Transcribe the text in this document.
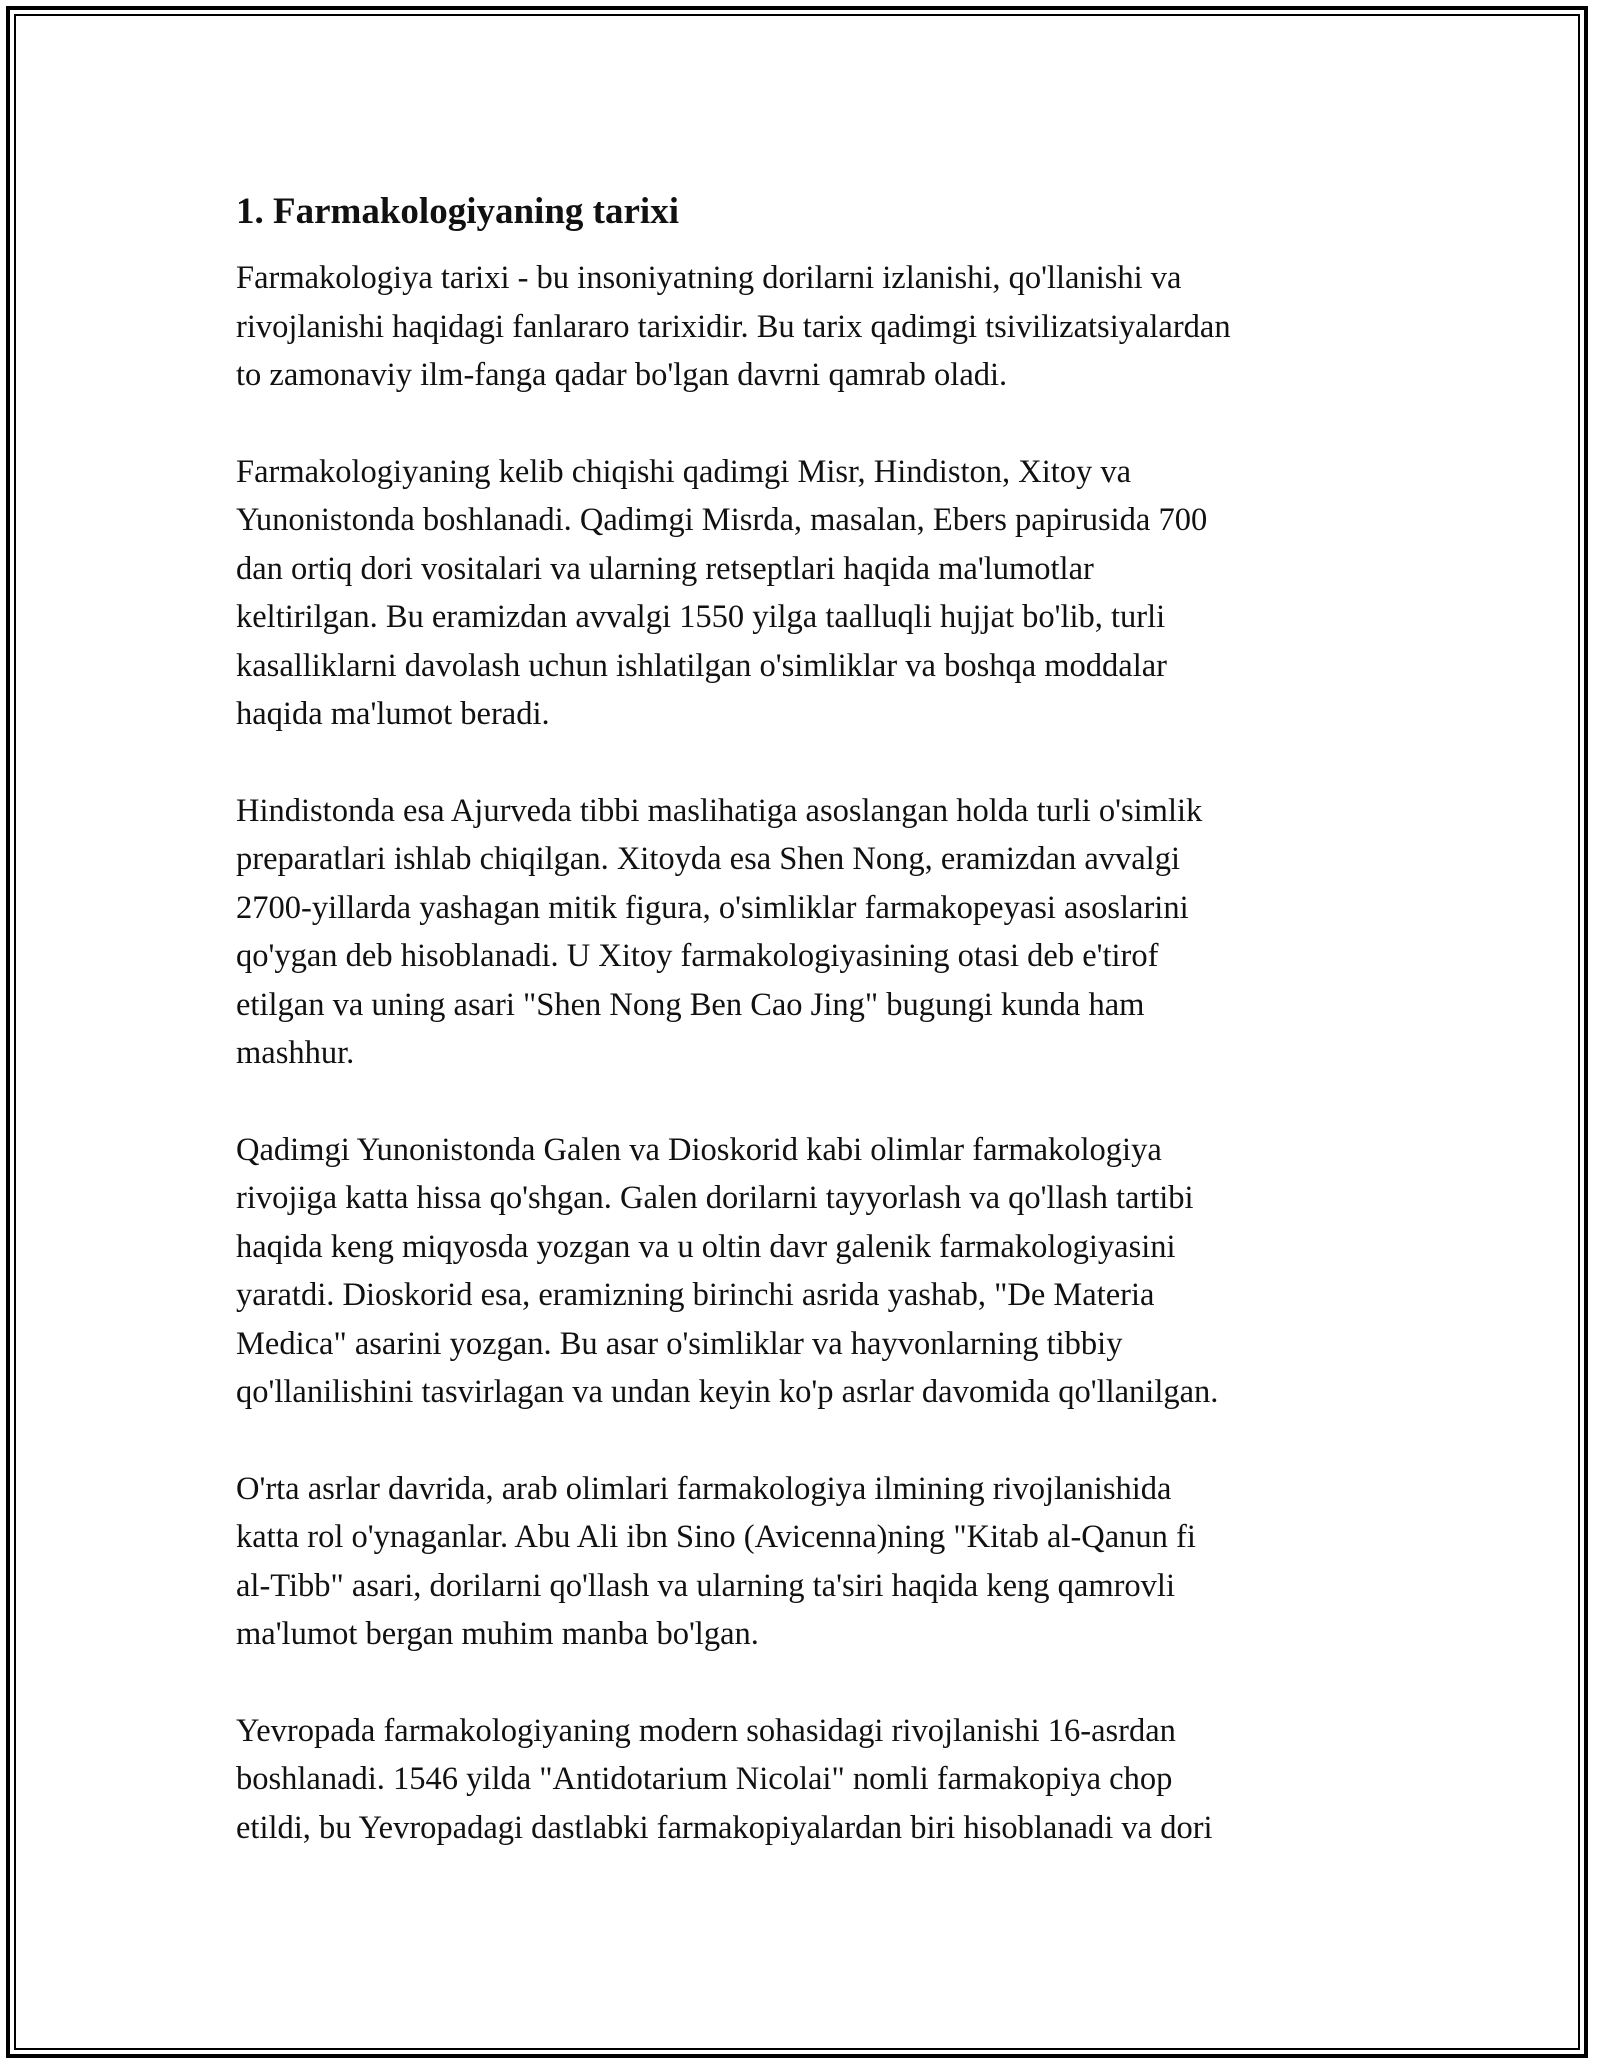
1. Farmakologiyaning tarixi

Farmakologiya tarixi - bu insoniyatning dorilarni izlanishi, qo'llanishi va
rivojlanishi haqidagi fanlararo tarixidir. Bu tarix qadimgi tsivilizatsiyalardan
to zamonaviy ilm-fanga qadar bo'lgan davrni qamrab oladi.

Farmakologiyaning kelib chiqishi qadimgi Misr, Hindiston, Xitoy va
Yunonistonda boshlanadi. Qadimgi Misrda, masalan, Ebers papirusida 700
dan ortiq dori vositalari va ularning retseptlari haqida ma'lumotlar
keltirilgan. Bu eramizdan avvalgi 1550 yilga taalluqli hujjat bo'lib, turli
kasalliklarni davolash uchun ishlatilgan o'simliklar va boshqa moddalar
haqida ma'lumot beradi.

Hindistonda esa Ajurveda tibbi maslihatiga asoslangan holda turli o'simlik
preparatlari ishlab chiqilgan. Xitoyda esa Shen Nong, eramizdan avvalgi
2700-yillarda yashagan mitik figura, o'simliklar farmakopeyasi asoslarini
qo'ygan deb hisoblanadi. U Xitoy farmakologiyasining otasi deb e'tirof
etilgan va uning asari "Shen Nong Ben Cao Jing" bugungi kunda ham
mashhur.

Qadimgi Yunonistonda Galen va Dioskorid kabi olimlar farmakologiya
rivojiga katta hissa qo'shgan. Galen dorilarni tayyorlash va qo'llash tartibi
haqida keng miqyosda yozgan va u oltin davr galenik farmakologiyasini
yaratdi. Dioskorid esa, eramizning birinchi asrida yashab, "De Materia
Medica" asarini yozgan. Bu asar o'simliklar va hayvonlarning tibbiy
qo'llanilishini tasvirlagan va undan keyin ko'p asrlar davomida qo'llanilgan.

O'rta asrlar davrida, arab olimlari farmakologiya ilmining rivojlanishida
katta rol o'ynaganlar. Abu Ali ibn Sino (Avicenna)ning "Kitab al-Qanun fi
al-Tibb" asari, dorilarni qo'llash va ularning ta'siri haqida keng qamrovli
ma'lumot bergan muhim manba bo'lgan.

Yevropada farmakologiyaning modern sohasidagi rivojlanishi 16-asrdan
boshlanadi. 1546 yilda "Antidotarium Nicolai" nomli farmakopiya chop
etildi, bu Yevropadagi dastlabki farmakopiyalardan biri hisoblanadi va dori
